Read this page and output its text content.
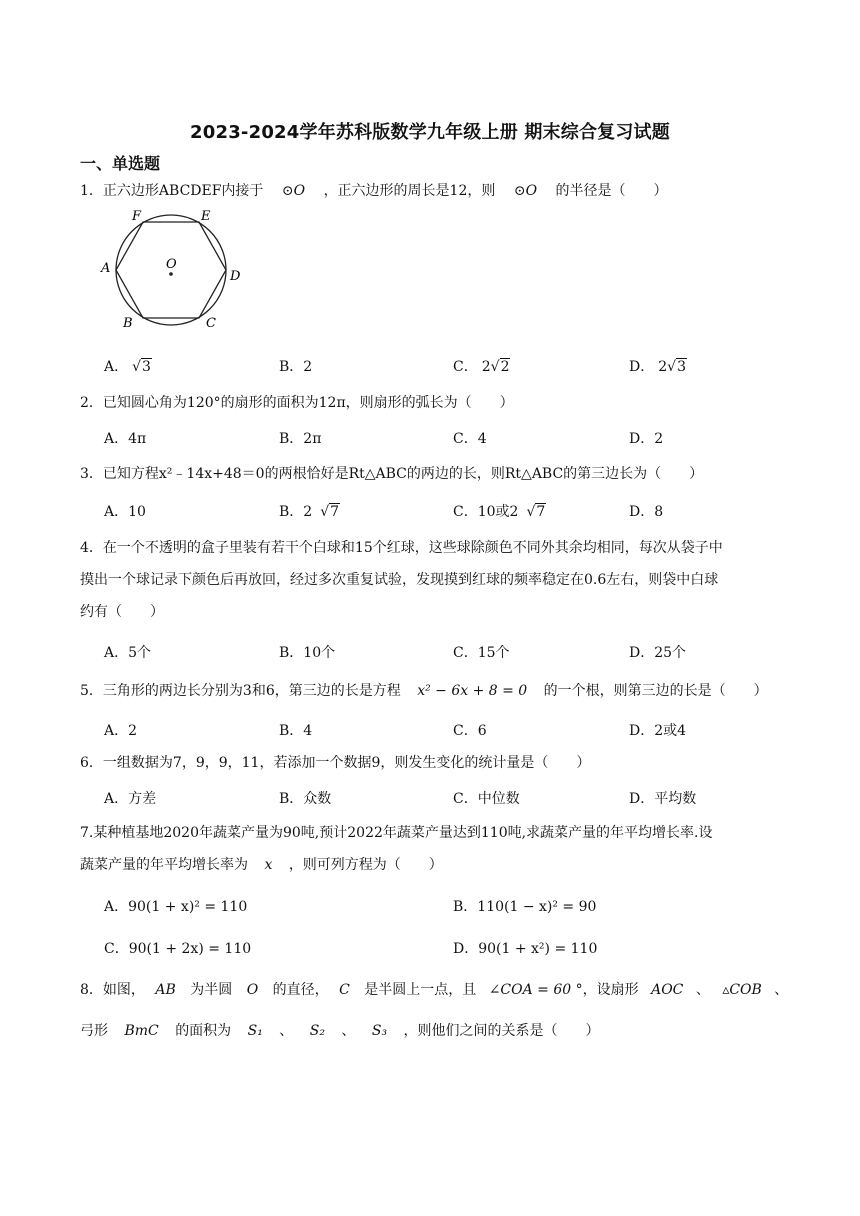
2023-2024学年苏科版数学九年级上册 期末综合复习试题
一、单选题
1．正六边形ABCDEF内接于 ⊙O ，正六边形的周长是12，则 ⊙O 的半径是（　　）
F	E
A	O
D
B	C
A． √3	B．2	C． 2√2	D． 2√3
2．已知圆心角为120°的扇形的面积为12π，则扇形的弧长为（　　）
A．4π	B．2π	C．4	D．2
3．已知方程x²﹣14x+48＝0的两根恰好是Rt△ABC的两边的长，则Rt△ABC的第三边长为（　　）
A．10	B．2 √7	C．10或2 √7	D．8
4．在一个不透明的盒子里装有若干个白球和15个红球，这些球除颜色不同外其余均相同，每次从袋子中
摸出一个球记录下颜色后再放回，经过多次重复试验，发现摸到红球的频率稳定在0.6左右，则袋中白球
约有（　　）
A．5个	B．10个	C．15个	D．25个
5．三角形的两边长分别为3和6，第三边的长是方程 x² − 6x + 8 = 0 的一个根，则第三边的长是（　　）
A．2	B．4	C．6	D．2或4
6．一组数据为7，9，9，11，若添加一个数据9，则发生变化的统计量是（　　）
A．方差	B．众数	C．中位数	D．平均数
7.某种植基地2020年蔬菜产量为90吨,预计2022年蔬菜产量达到110吨,求蔬菜产量的年平均增长率.设
蔬菜产量的年平均增长率为 x ，则可列方程为（　　）
A．90(1 + x)² = 110	B．110(1 − x)² = 90
C．90(1 + 2x) = 110	D．90(1 + x²) = 110
8．如图， AB 为半圆 O 的直径， C 是半圆上一点，且 ∠COA = 60 °，设扇形 AOC 、 ▵COB 、
弓形 BmC 的面积为 S₁ 、 S₂ 、 S₃ ，则他们之间的关系是（　　）
